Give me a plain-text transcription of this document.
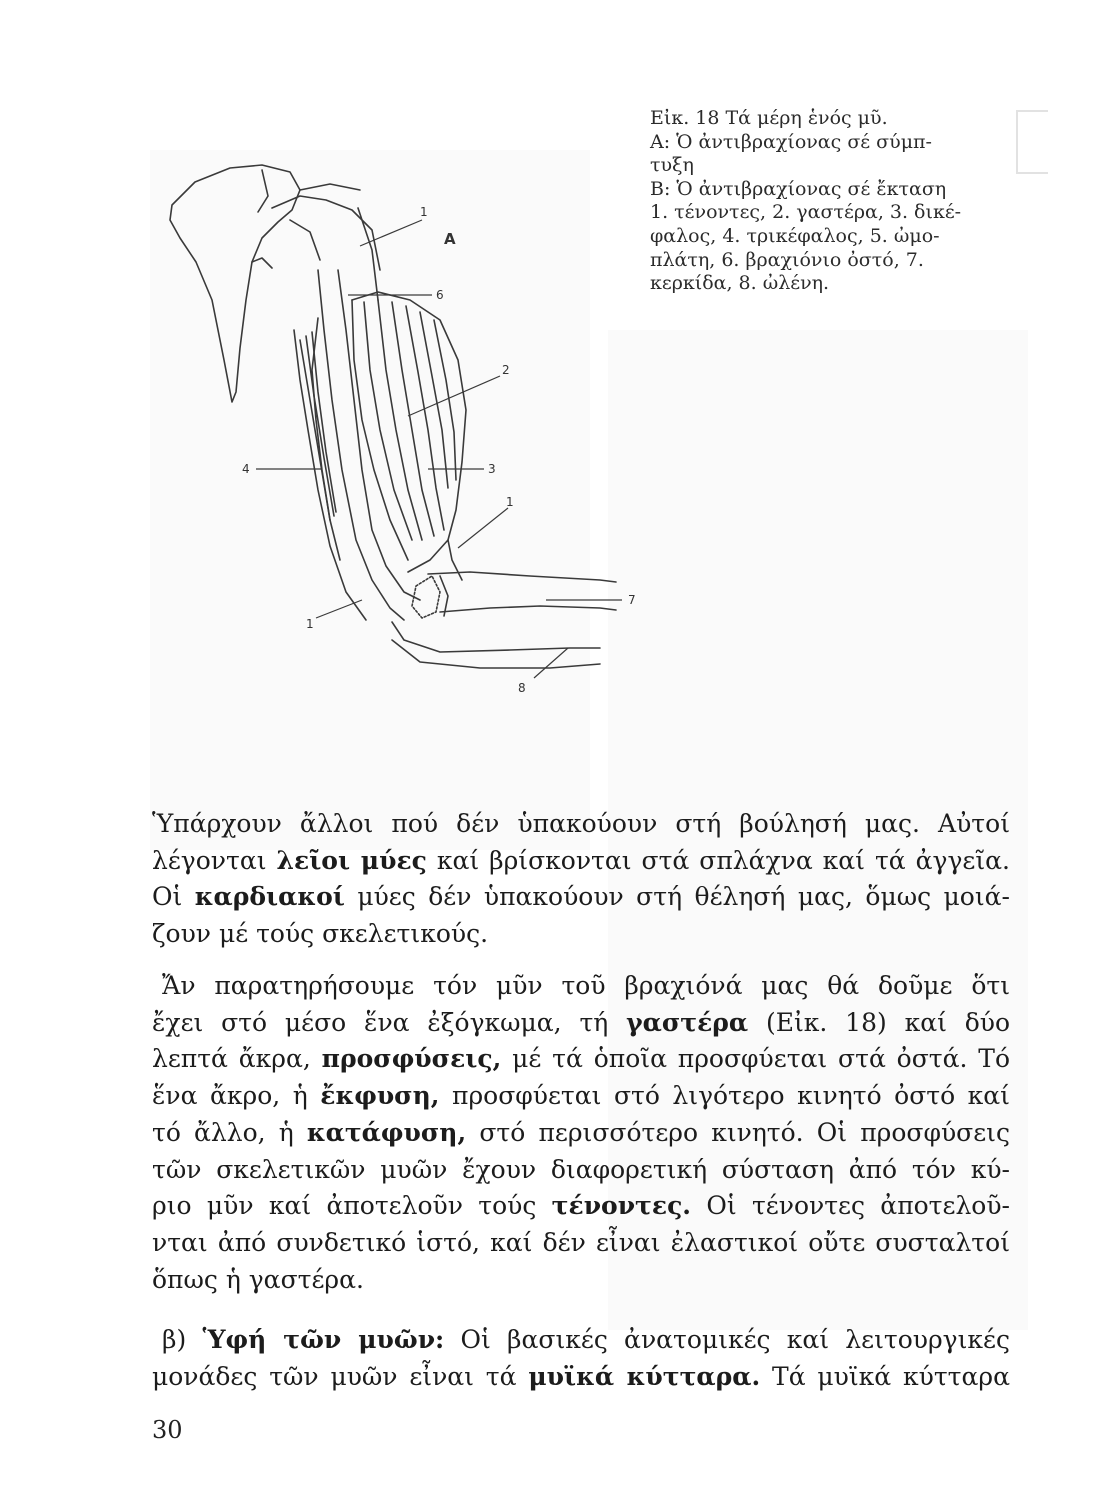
A
1
6
2
4	3
1
7
1
8
Εἰκ. 18 Τά μέρη ἑνός μῦ.
Α: Ὁ ἀντιβραχίονας σέ σύμπ-
τυξη
Β: Ὁ ἀντιβραχίονας σέ ἔκταση
1. τένοντες, 2. γαστέρα, 3. δικέ-
φαλος, 4. τρικέφαλος, 5. ὠμο-
πλάτη, 6. βραχιόνιο ὀστό, 7.
κερκίδα, 8. ὠλένη.
Ὑπάρχουν ἄλλοι πού δέν ὑπακούουν στή βούλησή μας. Αὐτοί
λέγονται λεῖοι μύες καί βρίσκονται στά σπλάχνα καί τά ἀγγεῖα.
Οἱ καρδιακοί μύες δέν ὑπακούουν στή θέλησή μας, ὅμως μοιά-
ζουν μέ τούς σκελετικούς.
Ἄν παρατηρήσουμε τόν μῦν τοῦ βραχιόνά μας θά δοῦμε ὅτι
ἔχει στό μέσο ἕνα ἐξόγκωμα, τή γαστέρα (Εἰκ. 18) καί δύο
λεπτά ἄκρα, προσφύσεις, μέ τά ὁποῖα προσφύεται στά ὀστά. Τό
ἕνα ἄκρο, ἡ ἔκφυση, προσφύεται στό λιγότερο κινητό ὀστό καί
τό ἄλλο, ἡ κατάφυση, στό περισσότερο κινητό. Οἱ προσφύσεις
τῶν σκελετικῶν μυῶν ἔχουν διαφορετική σύσταση ἀπό τόν κύ-
ριο μῦν καί ἀποτελοῦν τούς τένοντες. Οἱ τένοντες ἀποτελοῦ-
νται ἀπό συνδετικό ἱστό, καί δέν εἶναι ἐλαστικοί οὔτε συσταλτοί
ὅπως ἡ γαστέρα.
β) Ὑφή τῶν μυῶν: Οἱ βασικές ἀνατομικές καί λειτουργικές
μονάδες τῶν μυῶν εἶναι τά μυϊκά κύτταρα. Τά μυϊκά κύτταρα
30
